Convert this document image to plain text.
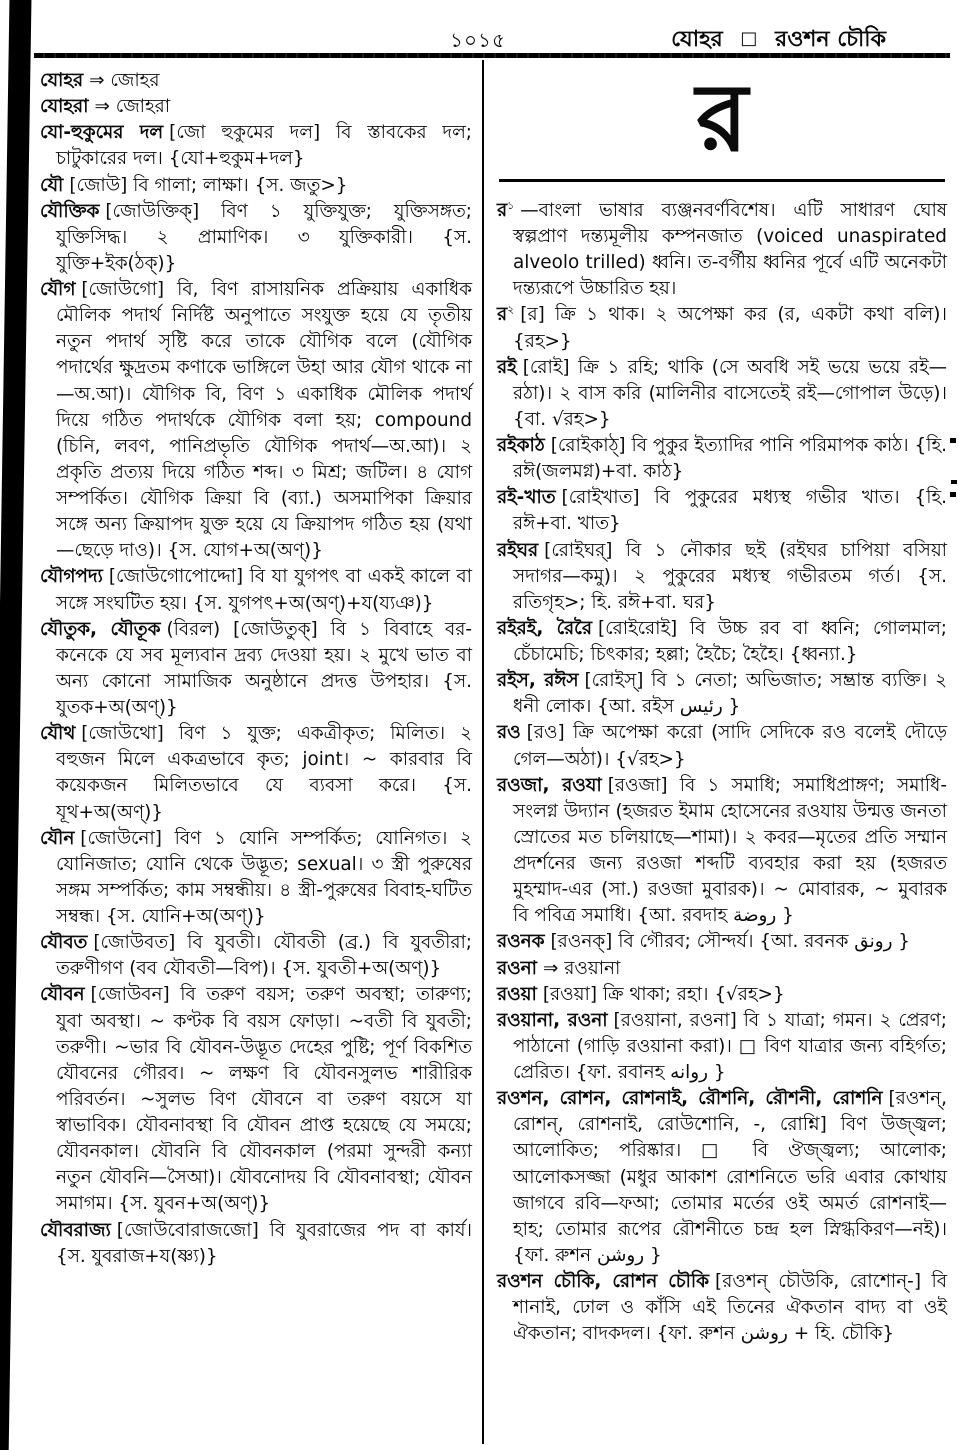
১০১৫	যোহর □ রওশন চৌকি
যোহর ⇒ জোহর
যোহরা ⇒ জোহরা
যো-হুকুমের দল [জো হুকুমের দল] বি স্তাবকের দল; চাটুকারের দল। {যো+হুকুম+দল}
যৌ [জোউ] বি গালা; লাক্ষা। {স. জতু>}
যৌক্তিক [জোউক্তিক্] বিণ ১ যুক্তিযুক্ত; যুক্তিসঙ্গত; যুক্তিসিদ্ধ। ২ প্রামাণিক। ৩ যুক্তিকারী। {স. যুক্তি+ইক(ঠক্)}
যৌগ [জোউগো] বি, বিণ রাসায়নিক প্রক্রিয়ায় একাধিক মৌলিক পদার্থ নির্দিষ্ট অনুপাতে সংযুক্ত হয়ে যে তৃতীয় নতুন পদার্থ সৃষ্টি করে তাকে যৌগিক বলে (যৌগিক পদার্থের ক্ষুদ্রতম কণাকে ভাঙ্গিলে উহা আর যৌগ থাকে না—অ.আ)। যৌগিক বি, বিণ ১ একাধিক মৌলিক পদার্থ দিয়ে গঠিত পদার্থকে যৌগিক বলা হয়; compound (চিনি, লবণ, পানিপ্রভৃতি যৌগিক পদার্থ—অ.আ)। ২ প্রকৃতি প্রত্যয় দিয়ে গঠিত শব্দ। ৩ মিশ্র; জটিল। ৪ যোগ সম্পর্কিত। যৌগিক ক্রিয়া বি (ব্যা.) অসমাপিকা ক্রিয়ার সঙ্গে অন্য ক্রিয়াপদ যুক্ত হয়ে যে ক্রিয়াপদ গঠিত হয় (যথা—ছেড়ে দাও)। {স. যোগ+অ(অণ্)}
যৌগপদ্য [জোউগোপোদ্দো] বি যা যুগপৎ বা একই কালে বা সঙ্গে সংঘটিত হয়। {স. যুগপৎ+অ(অণ্)+য(য্যঞ)}
যৌতুক, যৌতূক (বিরল) [জোউতুক্] বি ১ বিবাহে বর-কনেকে যে সব মূল্যবান দ্রব্য দেওয়া হয়। ২ মুখে ভাত বা অন্য কোনো সামাজিক অনুষ্ঠানে প্রদত্ত উপহার। {স. যুতক+অ(অণ্)}
যৌথ [জোউথো] বিণ ১ যুক্ত; একত্রীকৃত; মিলিত। ২ বহুজন মিলে একত্রভাবে কৃত; joint। ~ কারবার বি কয়েকজন মিলিতভাবে যে ব্যবসা করে। {স. যূথ+অ(অণ্)}
যৌন [জোউনো] বিণ ১ যোনি সম্পর্কিত; যোনিগত। ২ যোনিজাত; যোনি থেকে উদ্ভূত; sexual। ৩ স্ত্রী পুরুষের সঙ্গম সম্পর্কিত; কাম সম্বন্ধীয়। ৪ স্ত্রী-পুরুষের বিবাহ-ঘটিত সম্বন্ধ। {স. যোনি+অ(অণ্)}
যৌবত [জোউবত] বি যুবতী। যৌবতী (ব্র.) বি যুবতীরা; তরুণীগণ (বব যৌবতী—বিপ)। {স. যুবতী+অ(অণ্)}
যৌবন [জোউবন] বি তরুণ বয়স; তরুণ অবস্থা; তারুণ্য; যুবা অবস্থা। ~ কণ্টক বি বয়স ফোড়া। ~বতী বি যুবতী; তরুণী। ~ভার বি যৌবন-উদ্ভূত দেহের পুষ্টি; পূর্ণ বিকশিত যৌবনের গৌরব। ~ লক্ষণ বি যৌবনসুলভ শারীরিক পরিবর্তন। ~সুলভ বিণ যৌবনে বা তরুণ বয়সে যা স্বাভাবিক। যৌবনাবস্থা বি যৌবন প্রাপ্ত হয়েছে যে সময়ে; যৌবনকাল। যৌবনি বি যৌবনকাল (পরমা সুন্দরী কন্যা নতুন যৌবনি—সৈআ)। যৌবনোদয় বি যৌবনাবস্থা; যৌবন সমাগম। {স. যুবন+অ(অণ্)}
যৌবরাজ্য [জোউবোরাজজো] বি যুবরাজের পদ বা কার্য। {স. যুবরাজ+য(ষ্ণ্য)}
র
র$^১$ —বাংলা ভাষার ব্যঞ্জনবর্ণবিশেষ। এটি সাধারণ ঘোষ স্বল্পপ্রাণ দন্ত্যমূলীয় কম্পনজাত (voiced unaspirated alveolo trilled) ধ্বনি। ত-বর্গীয় ধ্বনির পূর্বে এটি অনেকটা দন্ত্যরূপে উচ্চারিত হয়।
র$^২$ [র] ক্রি ১ থাক। ২ অপেক্ষা কর (র, একটা কথা বলি)। {রহ>}
রই [রোই] ক্রি ১ রহি; থাকি (সে অবধি সই ভয়ে ভয়ে রই—রঠা)। ২ বাস করি (মালিনীর বাসেতেই রই—গোপাল উড়ে)। {বা. √রহ>}
রইকাঠ [রোইকাঠ্] বি পুকুর ইত্যাদির পানি পরিমাপক কাঠ। {হি. রঈ(জলমগ্ন)+বা. কাঠ}
রই-খাত [রোইখাত] বি পুকুরের মধ্যস্থ গভীর খাত। {হি. রঈ+বা. খাত}
রইঘর [রোইঘর্] বি ১ নৌকার ছই (রইঘর চাপিয়া বসিয়া সদাগর—কমু)। ২ পুকুরের মধ্যস্থ গভীরতম গর্ত। {স. রতিগৃহ>; হি. রঈ+বা. ঘর}
রইরই, রৈরৈ [রোইরোই] বি উচ্চ রব বা ধ্বনি; গোলমাল; চেঁচামেচি; চিৎকার; হল্লা; হৈচৈ; হৈহৈ। {ধ্বন্যা.}
রইস, রঈস [রোইস্] বি ১ নেতা; অভিজাত; সম্ভ্রান্ত ব্যক্তি। ২ ধনী লোক। {আ. রইস رئيس }
রও [রও] ক্রি অপেক্ষা করো (সাদি সেদিকে রও বলেই দৌড়ে গেল—অঠা)। {√রহ>}
রওজা, রওযা [রওজা] বি ১ সমাধি; সমাধিপ্রাঙ্গণ; সমাধি-সংলগ্ন উদ্যান (হজরত ইমাম হোসেনের রওযায় উন্মত্ত জনতা স্রোতের মত চলিয়াছে—শামা)। ২ কবর—মৃতের প্রতি সম্মান প্রদর্শনের জন্য রওজা শব্দটি ব্যবহার করা হয় (হজরত মুহম্মাদ-এর (সা.) রওজা মুবারক)। ~ মোবারক, ~ মুবারক বি পবিত্র সমাধি। {আ. রবদাহ روضة }
রওনক [রওনক্] বি গৌরব; সৌন্দর্য। {আ. রবনক رونق }
রওনা ⇒ রওয়ানা
রওয়া [রওয়া] ক্রি থাকা; রহা। {√রহ>}
রওয়ানা, রওনা [রওয়ানা, রওনা] বি ১ যাত্রা; গমন। ২ প্রেরণ; পাঠানো (গাড়ি রওয়ানা করা)। □ বিণ যাত্রার জন্য বহির্গত; প্রেরিত। {ফা. রবানহ روانه }
রওশন, রোশন, রোশনাই, রৌশনি, রৌশনী, রোশনি [রওশন্, রোশন্, রোশনাই, রোউশোনি, -, রোশ্নি] বিণ উজ্জ্বল; আলোকিত; পরিষ্কার। □ বি ঔজ্জ্বল্য; আলোক; আলোকসজ্জা (মধুর আকাশ রোশনিতে ভরি এবার কোথায় জাগবে রবি—ফআ; তোমার মর্তের ওই অমর্ত রোশনাই—হাহ; তোমার রূপের রৌশনীতে চন্দ্র হল স্নিগ্ধকিরণ—নই)। {ফা. রুশন روشن }
রওশন চৌকি, রোশন চৌকি [রওশন্ চৌউকি, রোশোন্-] বি শানাই, ঢোল ও কাঁসি এই তিনের ঐকতান বাদ্য বা ওই ঐকতান; বাদকদল। {ফা. রুশন روشن + হি. চৌকি}
